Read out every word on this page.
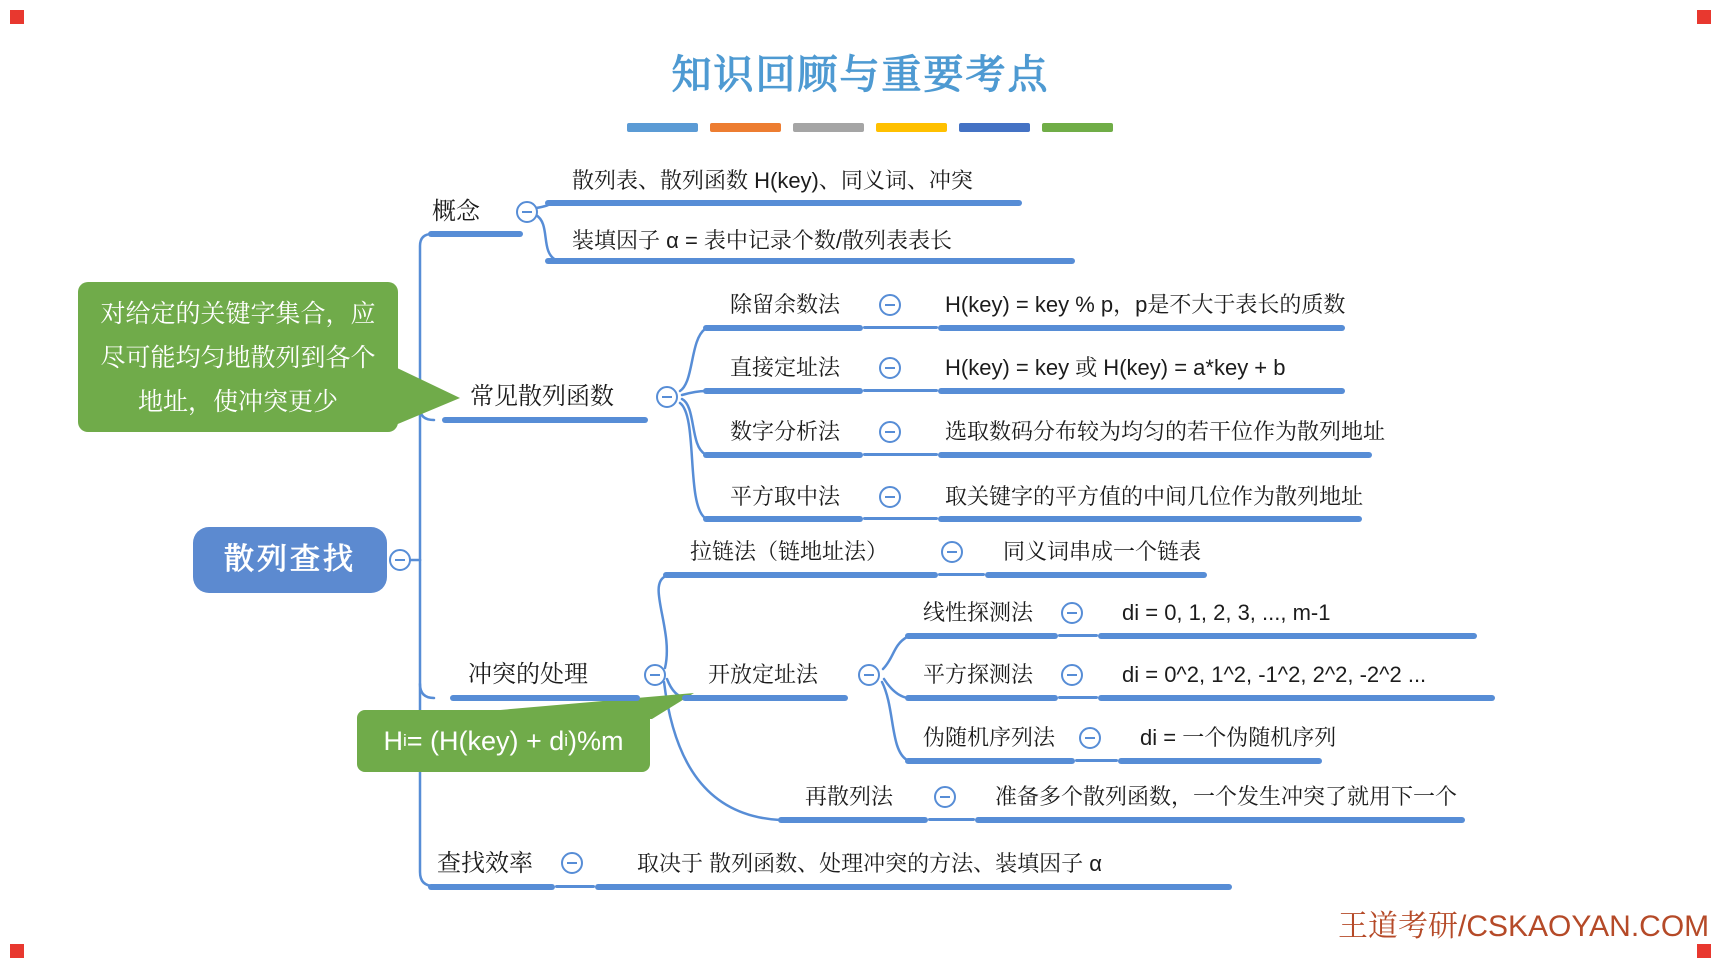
知识回顾与重要考点
散列查找
概念
散列表、散列函数 H(key)、同义词、冲突
装填因子 α = 表中记录个数/散列表表长
常见散列函数
除留余数法	H(key) = key % p，p是不大于表长的质数
直接定址法	H(key) = key 或 H(key) = a*key + b
数字分析法	选取数码分布较为均匀的若干位作为散列地址
平方取中法	取关键字的平方值的中间几位作为散列地址
冲突的处理
拉链法（链地址法）	同义词串成一个链表
开放定址法
线性探测法	di = 0, 1, 2, 3, ..., m-1
平方探测法	di = 0^2, 1^2, -1^2, 2^2, -2^2 ...
伪随机序列法	di = 一个伪随机序列
再散列法	准备多个散列函数，一个发生冲突了就用下一个
查找效率	取决于 散列函数、处理冲突的方法、装填因子 α
对给定的关键字集合，应
尽可能均匀地散列到各个
地址，使冲突更少
H i = (H(key) + d i )%m
王道考研/CSKAOYAN.COM
